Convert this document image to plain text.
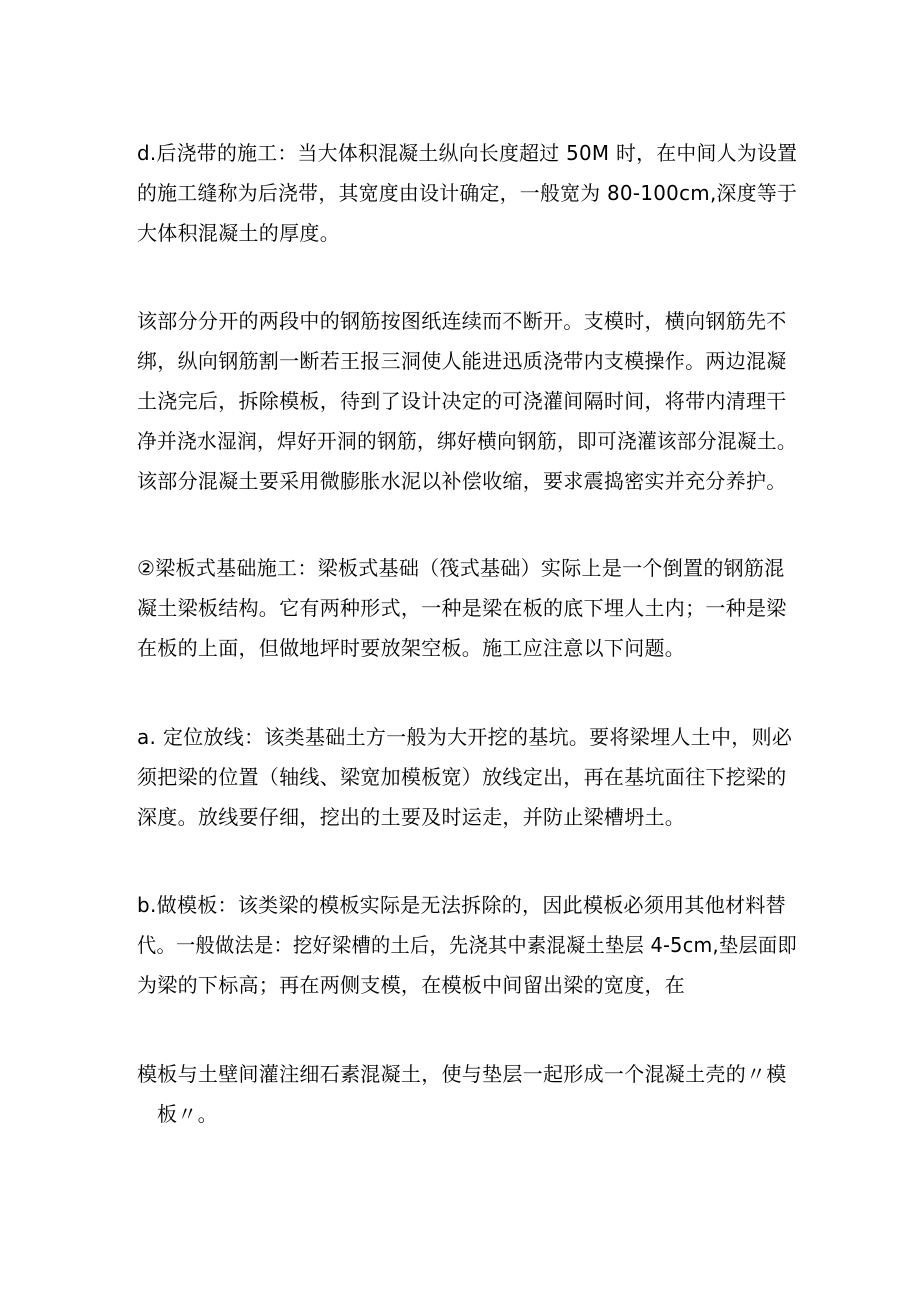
d.后浇带的施工：当大体积混凝土纵向长度超过 50M 时，在中间人为设置
的施工缝称为后浇带，其宽度由设计确定，一般宽为 80-100cm,深度等于
大体积混凝土的厚度。

该部分分开的两段中的钢筋按图纸连续而不断开。支模时，横向钢筋先不
绑，纵向钢筋割一断若王报三洞使人能进迅质浇带内支模操作。两边混凝
土浇完后，拆除模板，待到了设计决定的可浇灌间隔时间，将带内清理干
净并浇水湿润，焊好开洞的钢筋，绑好横向钢筋，即可浇灌该部分混凝土。
该部分混凝土要采用微膨胀水泥以补偿收缩，要求震捣密实并充分养护。

②梁板式基础施工：梁板式基础（筏式基础）实际上是一个倒置的钢筋混
凝土梁板结构。它有两种形式，一种是梁在板的底下埋人土内；一种是梁
在板的上面，但做地坪时要放架空板。施工应注意以下问题。

a. 定位放线：该类基础土方一般为大开挖的基坑。要将梁埋人土中，则必
须把梁的位置（轴线、梁宽加模板宽）放线定出，再在基坑面往下挖梁的
深度。放线要仔细，挖出的土要及时运走，并防止梁槽坍土。

b.做模板：该类梁的模板实际是无法拆除的，因此模板必须用其他材料替
代。一般做法是：挖好梁槽的土后，先浇其中素混凝土垫层 4-5cm,垫层面即
为梁的下标高；再在两侧支模，在模板中间留出梁的宽度，在

模板与土壁间灌注细石素混凝土，使与垫层一起形成一个混凝土壳的〃模
板〃。
